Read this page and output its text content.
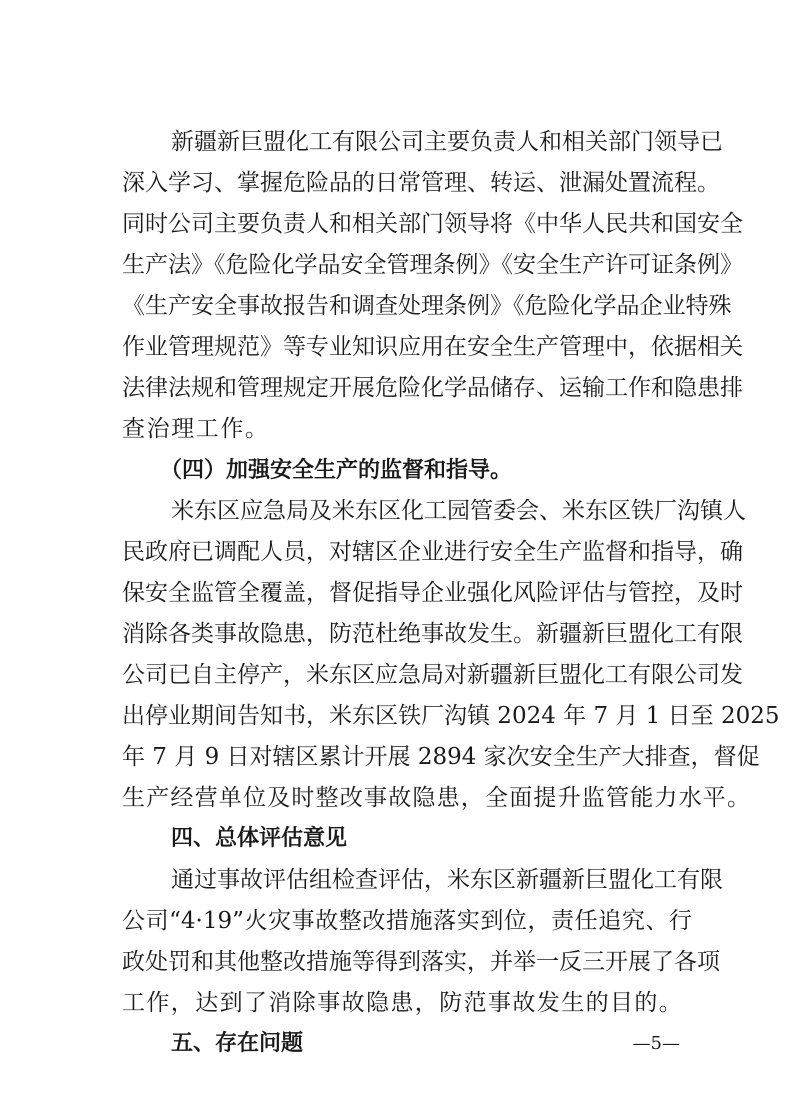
新疆新巨盟化工有限公司主要负责人和相关部门领导已
深入学习、掌握危险品的日常管理、转运、泄漏处置流程。
同时公司主要负责人和相关部门领导将《中华人民共和国安全
生产法》《危险化学品安全管理条例》《安全生产许可证条例》
《生产安全事故报告和调查处理条例》《危险化学品企业特殊
作业管理规范》等专业知识应用在安全生产管理中，依据相关
法律法规和管理规定开展危险化学品储存、运输工作和隐患排
查治理工作。
（四）加强安全生产的监督和指导。
米东区应急局及米东区化工园管委会、米东区铁厂沟镇人
民政府已调配人员，对辖区企业进行安全生产监督和指导，确
保安全监管全覆盖，督促指导企业强化风险评估与管控，及时
消除各类事故隐患，防范杜绝事故发生。新疆新巨盟化工有限
公司已自主停产，米东区应急局对新疆新巨盟化工有限公司发
出停业期间告知书，米东区铁厂沟镇 2024 年 7 月 1 日至 2025
年 7 月 9 日对辖区累计开展 2894 家次安全生产大排查，督促
生产经营单位及时整改事故隐患，全面提升监管能力水平。
四、总体评估意见
通过事故评估组检查评估，米东区新疆新巨盟化工有限
公司“4·19”火灾事故整改措施落实到位，责任追究、行
政处罚和其他整改措施等得到落实，并举一反三开展了各项
工作，达到了消除事故隐患，防范事故发生的目的。
五、存在问题	—5—
